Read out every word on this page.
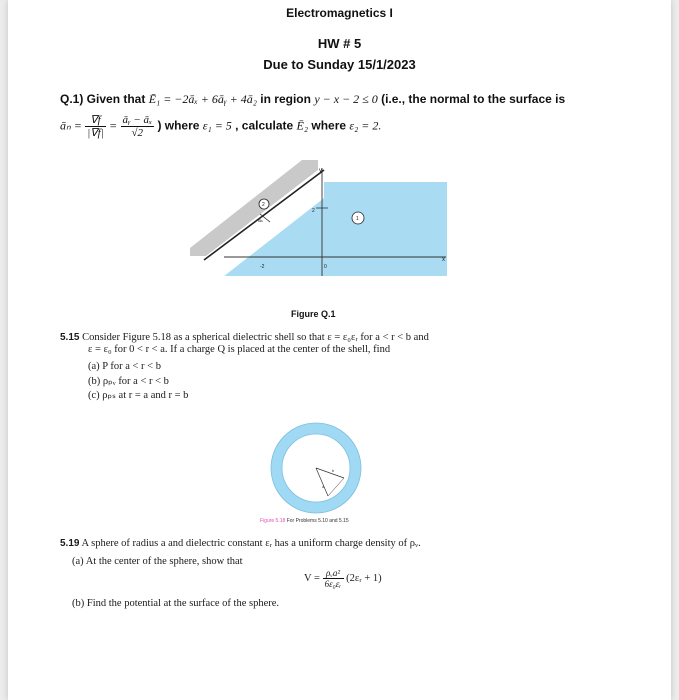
Electromagnetics I
HW # 5
Due to Sunday 15/1/2023
Q.1) Given that Ē₁ = −2āₓ + 6āᵧ + 4ā₂ in region y − x − 2 ≤ 0 (i.e., the normal to the surface is
āₙ = $\frac{\nabla f}{|\nabla f|} = \frac{\text{āᵧ − āₓ}}{√2}$ ) where ε₁ = 5 , calculate Ē₂ where ε₂ = 2.
y
x
2
-2	0
2
1
aₙ
Figure Q.1
5.15 Consider Figure 5.18 as a spherical dielectric shell so that ε = ε₀εᵣ for a < r < b and
ε = ε₀ for 0 < r < a. If a charge Q is placed at the center of the shell, find
(a) P for a < r < b
(b) ρₚᵥ for a < r < b
(c) ρₚₛ at r = a and r = b
a
b
Figure 5.18 For Problems 5.10 and 5.15
5.19 A sphere of radius a and dielectric constant εᵣ has a uniform charge density of ρᵥ.
(a) At the center of the sphere, show that
$V = \frac{\text{ρᵥa²}}{\text{6ε₀εᵣ}}$ (2εᵣ + 1)
(b) Find the potential at the surface of the sphere.
